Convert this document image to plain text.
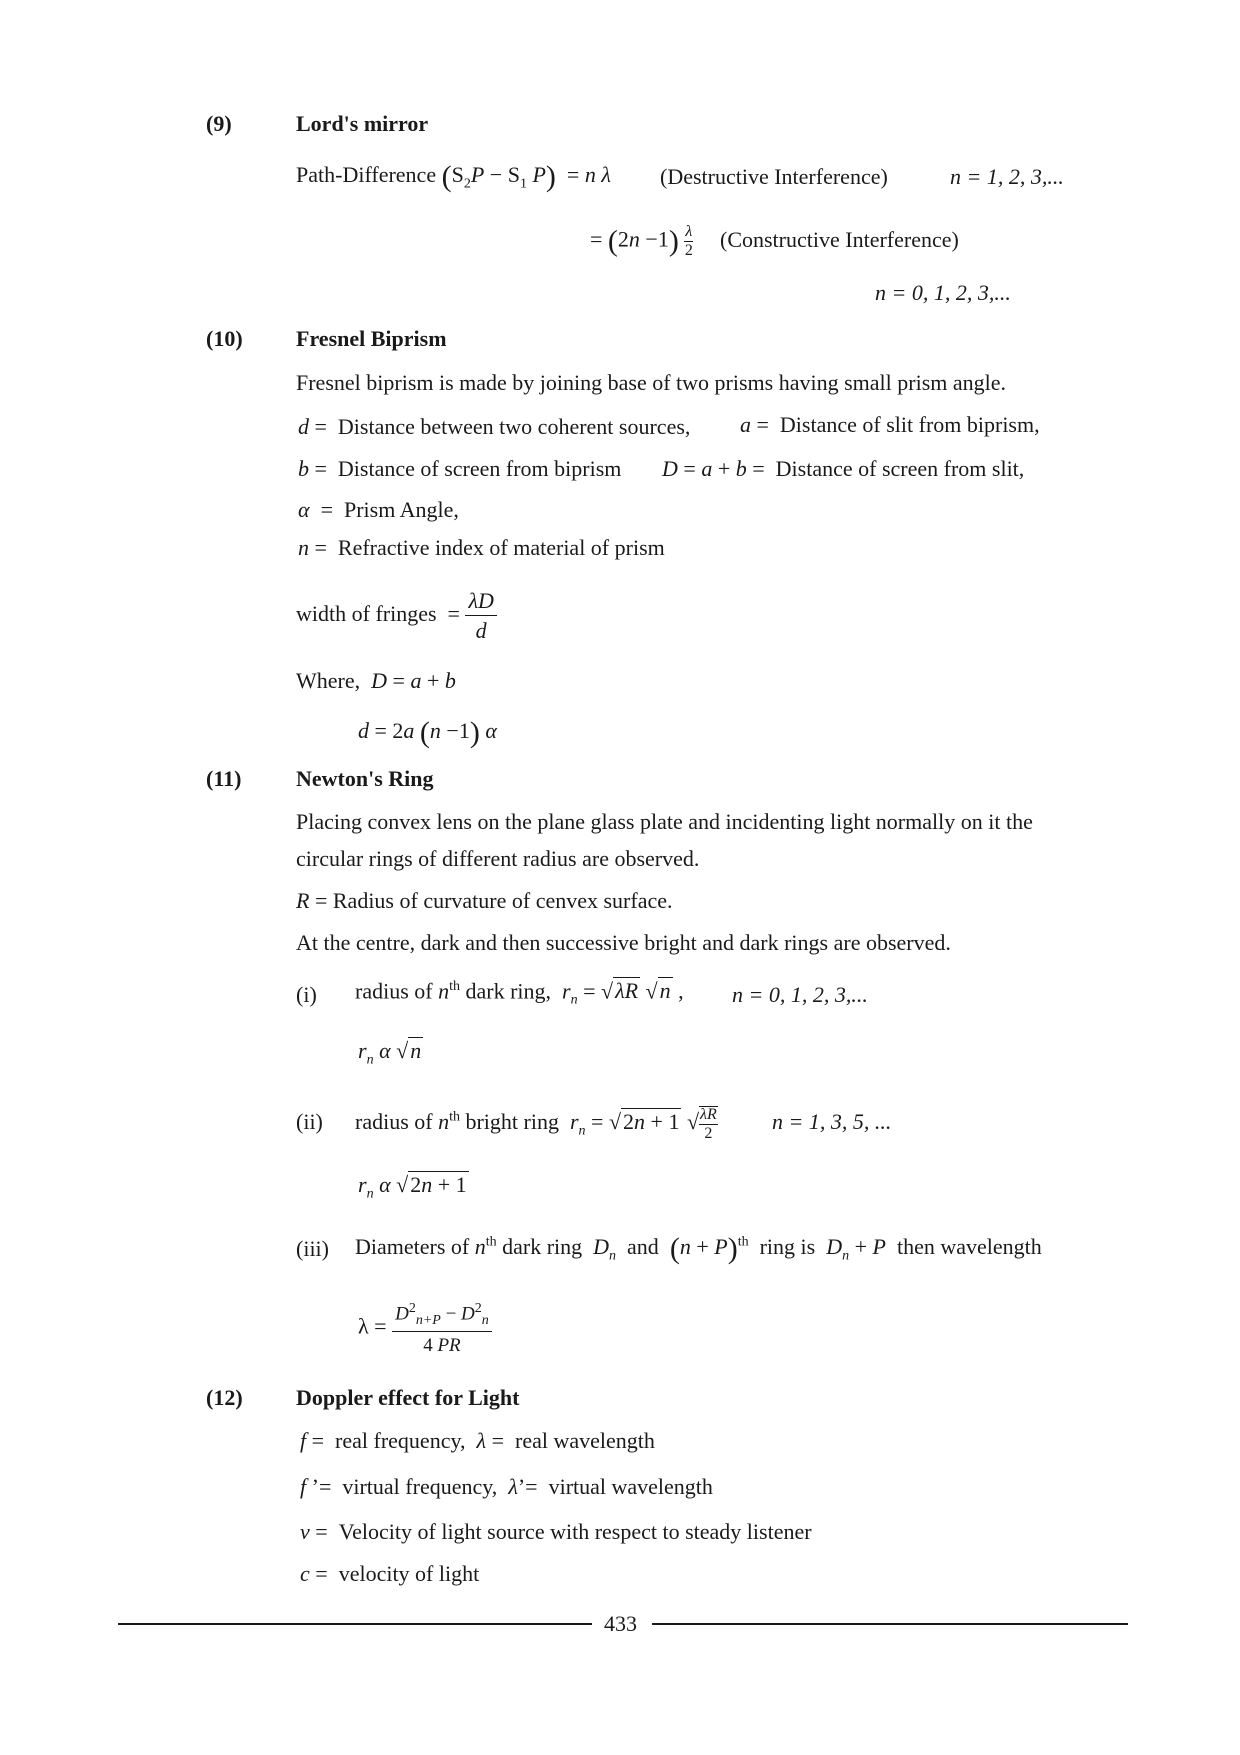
(9)	Lord's mirror
Path-Difference ($S_2P - S_1$ P)  = n λ (Destructive Interference)	n = 1, 2, 3,...
= $(2n -1) \frac{\lambda}{2}$ (Constructive Interference)
n = 0, 1, 2, 3,...
(10) Fresnel Biprism
Fresnel biprism is made by joining base of two prisms having small prism angle.
d =  Distance between two coherent sources, a =  Distance of slit from biprism,
b =  Distance of screen from biprism D = a + b =  Distance of screen from slit,
α  =  Prism Angle,
n =  Refractive index of material of prism
width of fringes  = $\frac{\lambda D}{d}$
Where, D = a + b
d = 2a (n −1) α
(11) Newton's Ring
Placing convex lens on the plane glass plate and incidenting light normally on it the
circular rings of different radius are observed.
R = Radius of curvature of cenvex surface.
At the centre, dark and then successive bright and dark rings are observed.
(i) radius of $n^{th}$ dark ring, $r_n = √\lambda R$ √n , n = 0, 1, 2, 3,...
$r_n$ α √n
(ii) radius of $n^{th}$ bright ring $r_n = √2n + 1$ √ $\frac{\lambda R}{2}$ n = 1, 3, 5, ...
$r_n$ α √2n + 1
(iii) Diameters of $n^{th}$ dark ring $D_n$ and $(n + P)^{th}$ ring is $D_n + P$ then wavelength
$\lambda = \frac{D^2_{n+P} - D^2_n}{4 PR}$
(12) Doppler effect for Light
f =  real frequency, λ =  real wavelength
f ’=  virtual frequency, λ’=  virtual wavelength
v =  Velocity of light source with respect to steady listener
c =  velocity of light
433
